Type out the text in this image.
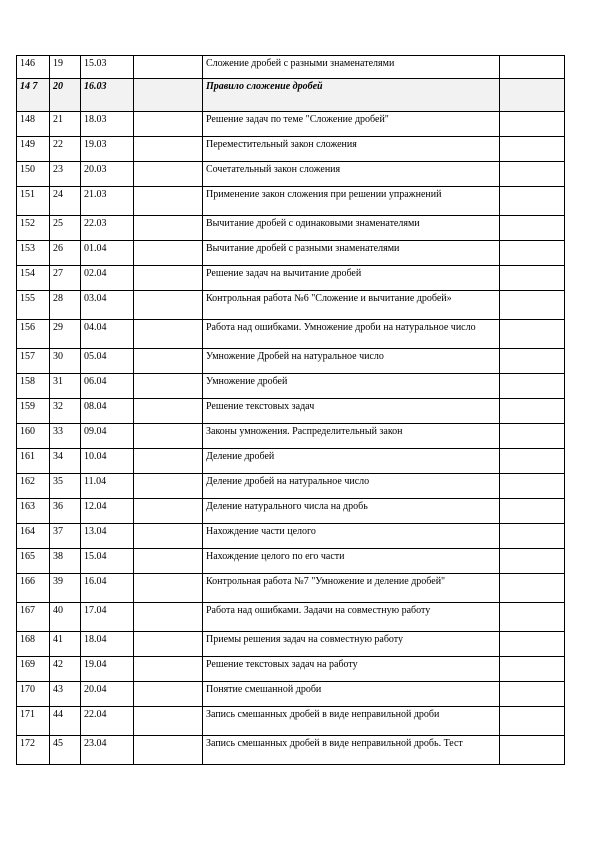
146	19	15.03		Сложение дробей с разными знаменателями	
14 7	20	16.03		Правило сложение дробей	
148	21	18.03		Решение задач по теме "Сложение дробей"	
149	22	19.03		Переместительный закон сложения	
150	23	20.03		Сочетательный закон сложения	
151	24	21.03		Применение закон сложения при решении упражнений	
152	25	22.03		Вычитание дробей с одинаковыми знаменателями	
153	26	01.04		Вычитание дробей с разными знаменателями	
154	27	02.04		Решение задач на вычитание дробей	
155	28	03.04		Контрольная работа №6 "Сложение и вычитание дробей»	
156	29	04.04		Работа над ошибками. Умножение дроби на натуральное число	
157	30	05.04		Умножение Дробей на натуральное число	
158	31	06.04		Умножение дробей	
159	32	08.04		Решение текстовых задач	
160	33	09.04		Законы умножения. Распределительный закон	
161	34	10.04		Деление дробей	
162	35	11.04		Деление дробей на натуральное число	
163	36	12.04		Деление натурального числа на дробь	
164	37	13.04		Нахождение части целого	
165	38	15.04		Нахождение целого по его части	
166	39	16.04		Контрольная работа №7 "Умножение и деление дробей"	
167	40	17.04		Работа над ошибками. Задачи на совместную работу	
168	41	18.04		Приемы решения задач на совместную работу	
169	42	19.04		Решение текстовых задач на работу	
170	43	20.04		Понятие смешанной дроби	
171	44	22.04		Запись смешанных дробей в виде неправильной дроби	
172	45	23.04		Запись смешанных дробей в виде неправильной дробь. Тест	
